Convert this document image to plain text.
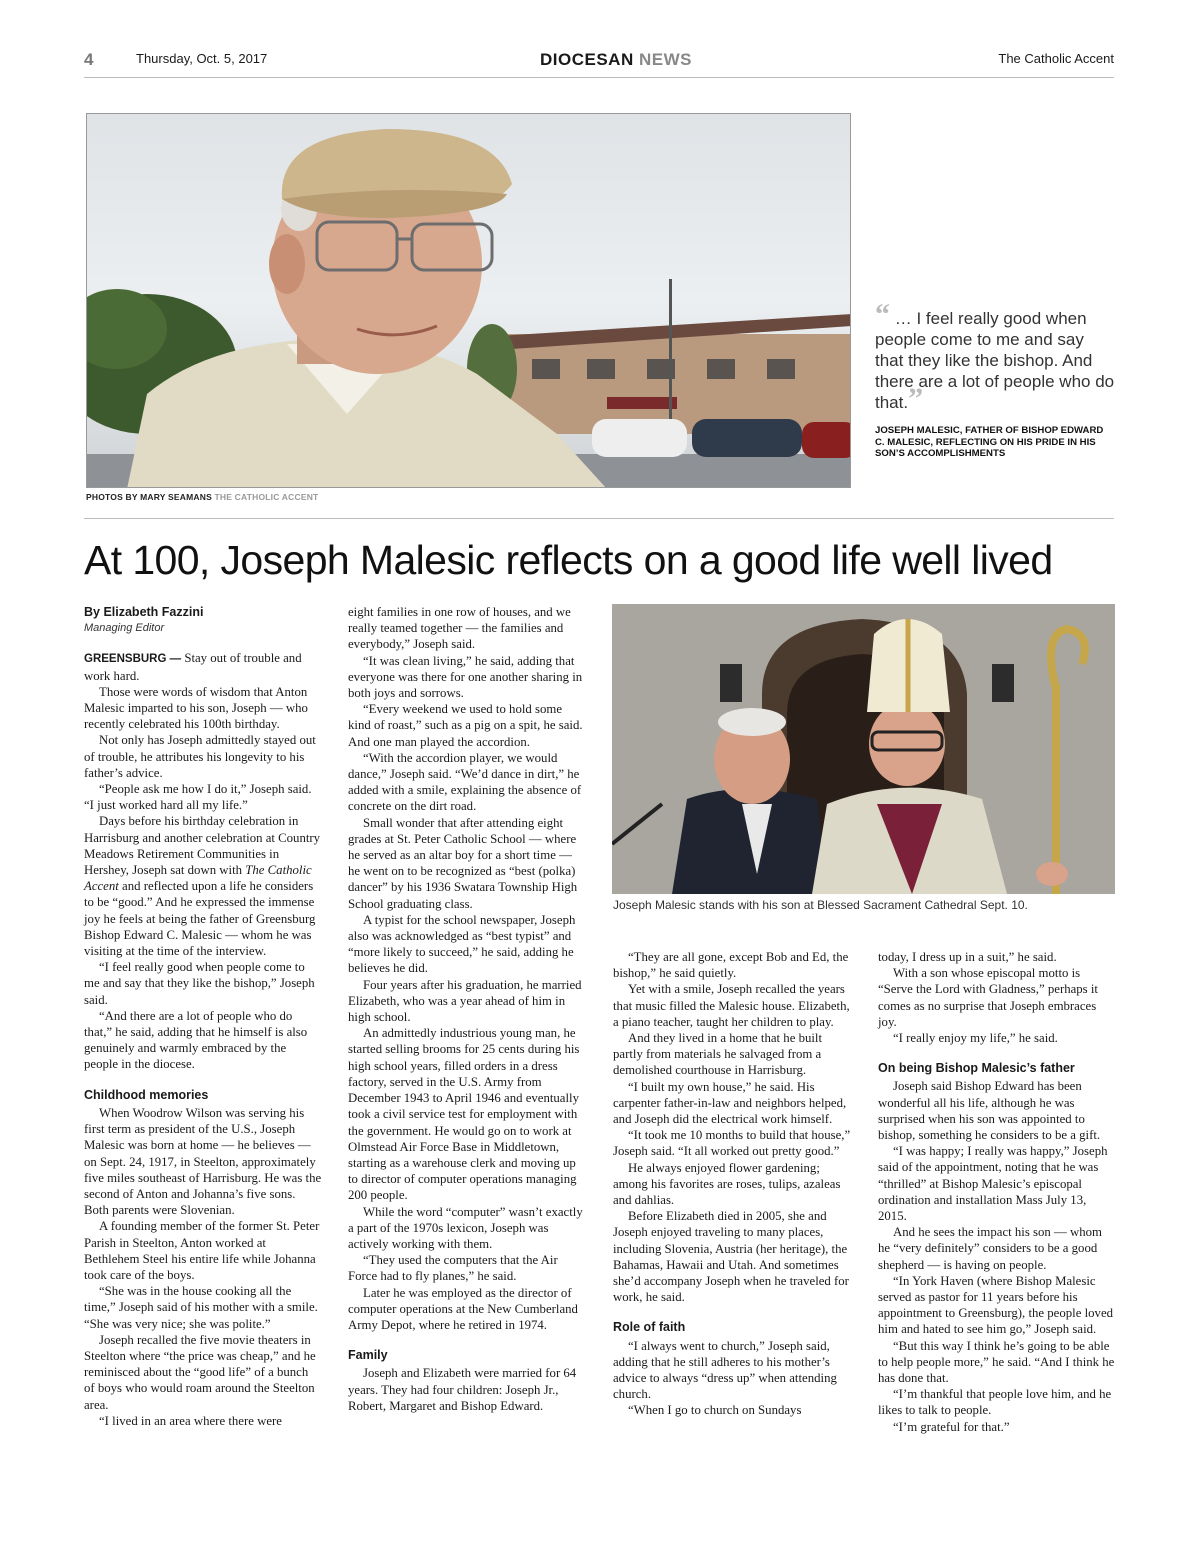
4	Thursday, Oct. 5, 2017	DIOCESAN NEWS	The Catholic Accent
PHOTOS BY MARY SEAMANS THE CATHOLIC ACCENT
“ … I feel really good when people come to me and say that they like the bishop. And there are a lot of people who do that.”
JOSEPH MALESIC, FATHER OF BISHOP EDWARD C. MALESIC, REFLECTING ON HIS PRIDE IN HIS SON’S ACCOMPLISHMENTS
At 100, Joseph Malesic reflects on a good life well lived
By Elizabeth Fazzini
Managing Editor

GREENSBURG — Stay out of trouble and work hard.

Those were words of wisdom that Anton Malesic imparted to his son, Joseph — who recently celebrated his 100th birthday.

Not only has Joseph admittedly stayed out of trouble, he attributes his longevity to his father’s advice.

“People ask me how I do it,” Joseph said. “I just worked hard all my life.”

Days before his birthday celebration in Harrisburg and another celebration at Country Meadows Retirement Communities in Hershey, Joseph sat down with The Catholic Accent and reflected upon a life he considers to be “good.” And he expressed the immense joy he feels at being the father of Greensburg Bishop Edward C. Malesic — whom he was visiting at the time of the interview.

“I feel really good when people come to me and say that they like the bishop,” Joseph said.

“And there are a lot of people who do that,” he said, adding that he himself is also genuinely and warmly embraced by the people in the diocese.

Childhood memories

When Woodrow Wilson was serving his first term as president of the U.S., Joseph Malesic was born at home — he believes — on Sept. 24, 1917, in Steelton, approximately five miles southeast of Harrisburg. He was the second of Anton and Johanna’s five sons. Both parents were Slovenian.

A founding member of the former St. Peter Parish in Steelton, Anton worked at Bethlehem Steel his entire life while Johanna took care of the boys.

“She was in the house cooking all the time,” Joseph said of his mother with a smile. “She was very nice; she was polite.”

Joseph recalled the five movie theaters in Steelton where “the price was cheap,” and he reminisced about the “good life” of a bunch of boys who would roam around the Steelton area.

“I lived in an area where there were

eight families in one row of houses, and we really teamed together — the families and everybody,” Joseph said.

“It was clean living,” he said, adding that everyone was there for one another sharing in both joys and sorrows.

“Every weekend we used to hold some kind of roast,” such as a pig on a spit, he said. And one man played the accordion.

“With the accordion player, we would dance,” Joseph said. “We’d dance in dirt,” he added with a smile, explaining the absence of concrete on the dirt road.

Small wonder that after attending eight grades at St. Peter Catholic School — where he served as an altar boy for a short time — he went on to be recognized as “best (polka) dancer” by his 1936 Swatara Township High School graduating class.

A typist for the school newspaper, Joseph also was acknowledged as “best typist” and “more likely to succeed,” he said, adding he believes he did.

Four years after his graduation, he married Elizabeth, who was a year ahead of him in high school.

An admittedly industrious young man, he started selling brooms for 25 cents during his high school years, filled orders in a dress factory, served in the U.S. Army from December 1943 to April 1946 and eventually took a civil service test for employment with the government. He would go on to work at Olmstead Air Force Base in Middletown, starting as a warehouse clerk and moving up to director of computer operations managing 200 people.

While the word “computer” wasn’t exactly a part of the 1970s lexicon, Joseph was actively working with them.

“They used the computers that the Air Force had to fly planes,” he said.

Later he was employed as the director of computer operations at the New Cumberland Army Depot, where he retired in 1974.

Family

Joseph and Elizabeth were married for 64 years. They had four children: Joseph Jr., Robert, Margaret and Bishop Edward.

Joseph Malesic stands with his son at Blessed Sacrament Cathedral Sept. 10.

“They are all gone, except Bob and Ed, the bishop,” he said quietly.

Yet with a smile, Joseph recalled the years that music filled the Malesic house. Elizabeth, a piano teacher, taught her children to play.

And they lived in a home that he built partly from materials he salvaged from a demolished courthouse in Harrisburg.

“I built my own house,” he said. His carpenter father-in-law and neighbors helped, and Joseph did the electrical work himself.

“It took me 10 months to build that house,” Joseph said. “It all worked out pretty good.”

He always enjoyed flower gardening; among his favorites are roses, tulips, azaleas and dahlias.

Before Elizabeth died in 2005, she and Joseph enjoyed traveling to many places, including Slovenia, Austria (her heritage), the Bahamas, Hawaii and Utah. And sometimes she’d accompany Joseph when he traveled for work, he said.

Role of faith

“I always went to church,” Joseph said, adding that he still adheres to his mother’s advice to always “dress up” when attending church.

“When I go to church on Sundays

today, I dress up in a suit,” he said.

With a son whose episcopal motto is “Serve the Lord with Gladness,” perhaps it comes as no surprise that Joseph embraces joy.

“I really enjoy my life,” he said.

On being Bishop Malesic’s father

Joseph said Bishop Edward has been wonderful all his life, although he was surprised when his son was appointed to bishop, something he considers to be a gift.

“I was happy; I really was happy,” Joseph said of the appointment, noting that he was “thrilled” at Bishop Malesic’s episcopal ordination and installation Mass July 13, 2015.

And he sees the impact his son — whom he “very definitely” considers to be a good shepherd — is having on people.

“In York Haven (where Bishop Malesic served as pastor for 11 years before his appointment to Greensburg), the people loved him and hated to see him go,” Joseph said.

“But this way I think he’s going to be able to help people more,” he said. “And I think he has done that.

“I’m thankful that people love him, and he likes to talk to people.

“I’m grateful for that.”
